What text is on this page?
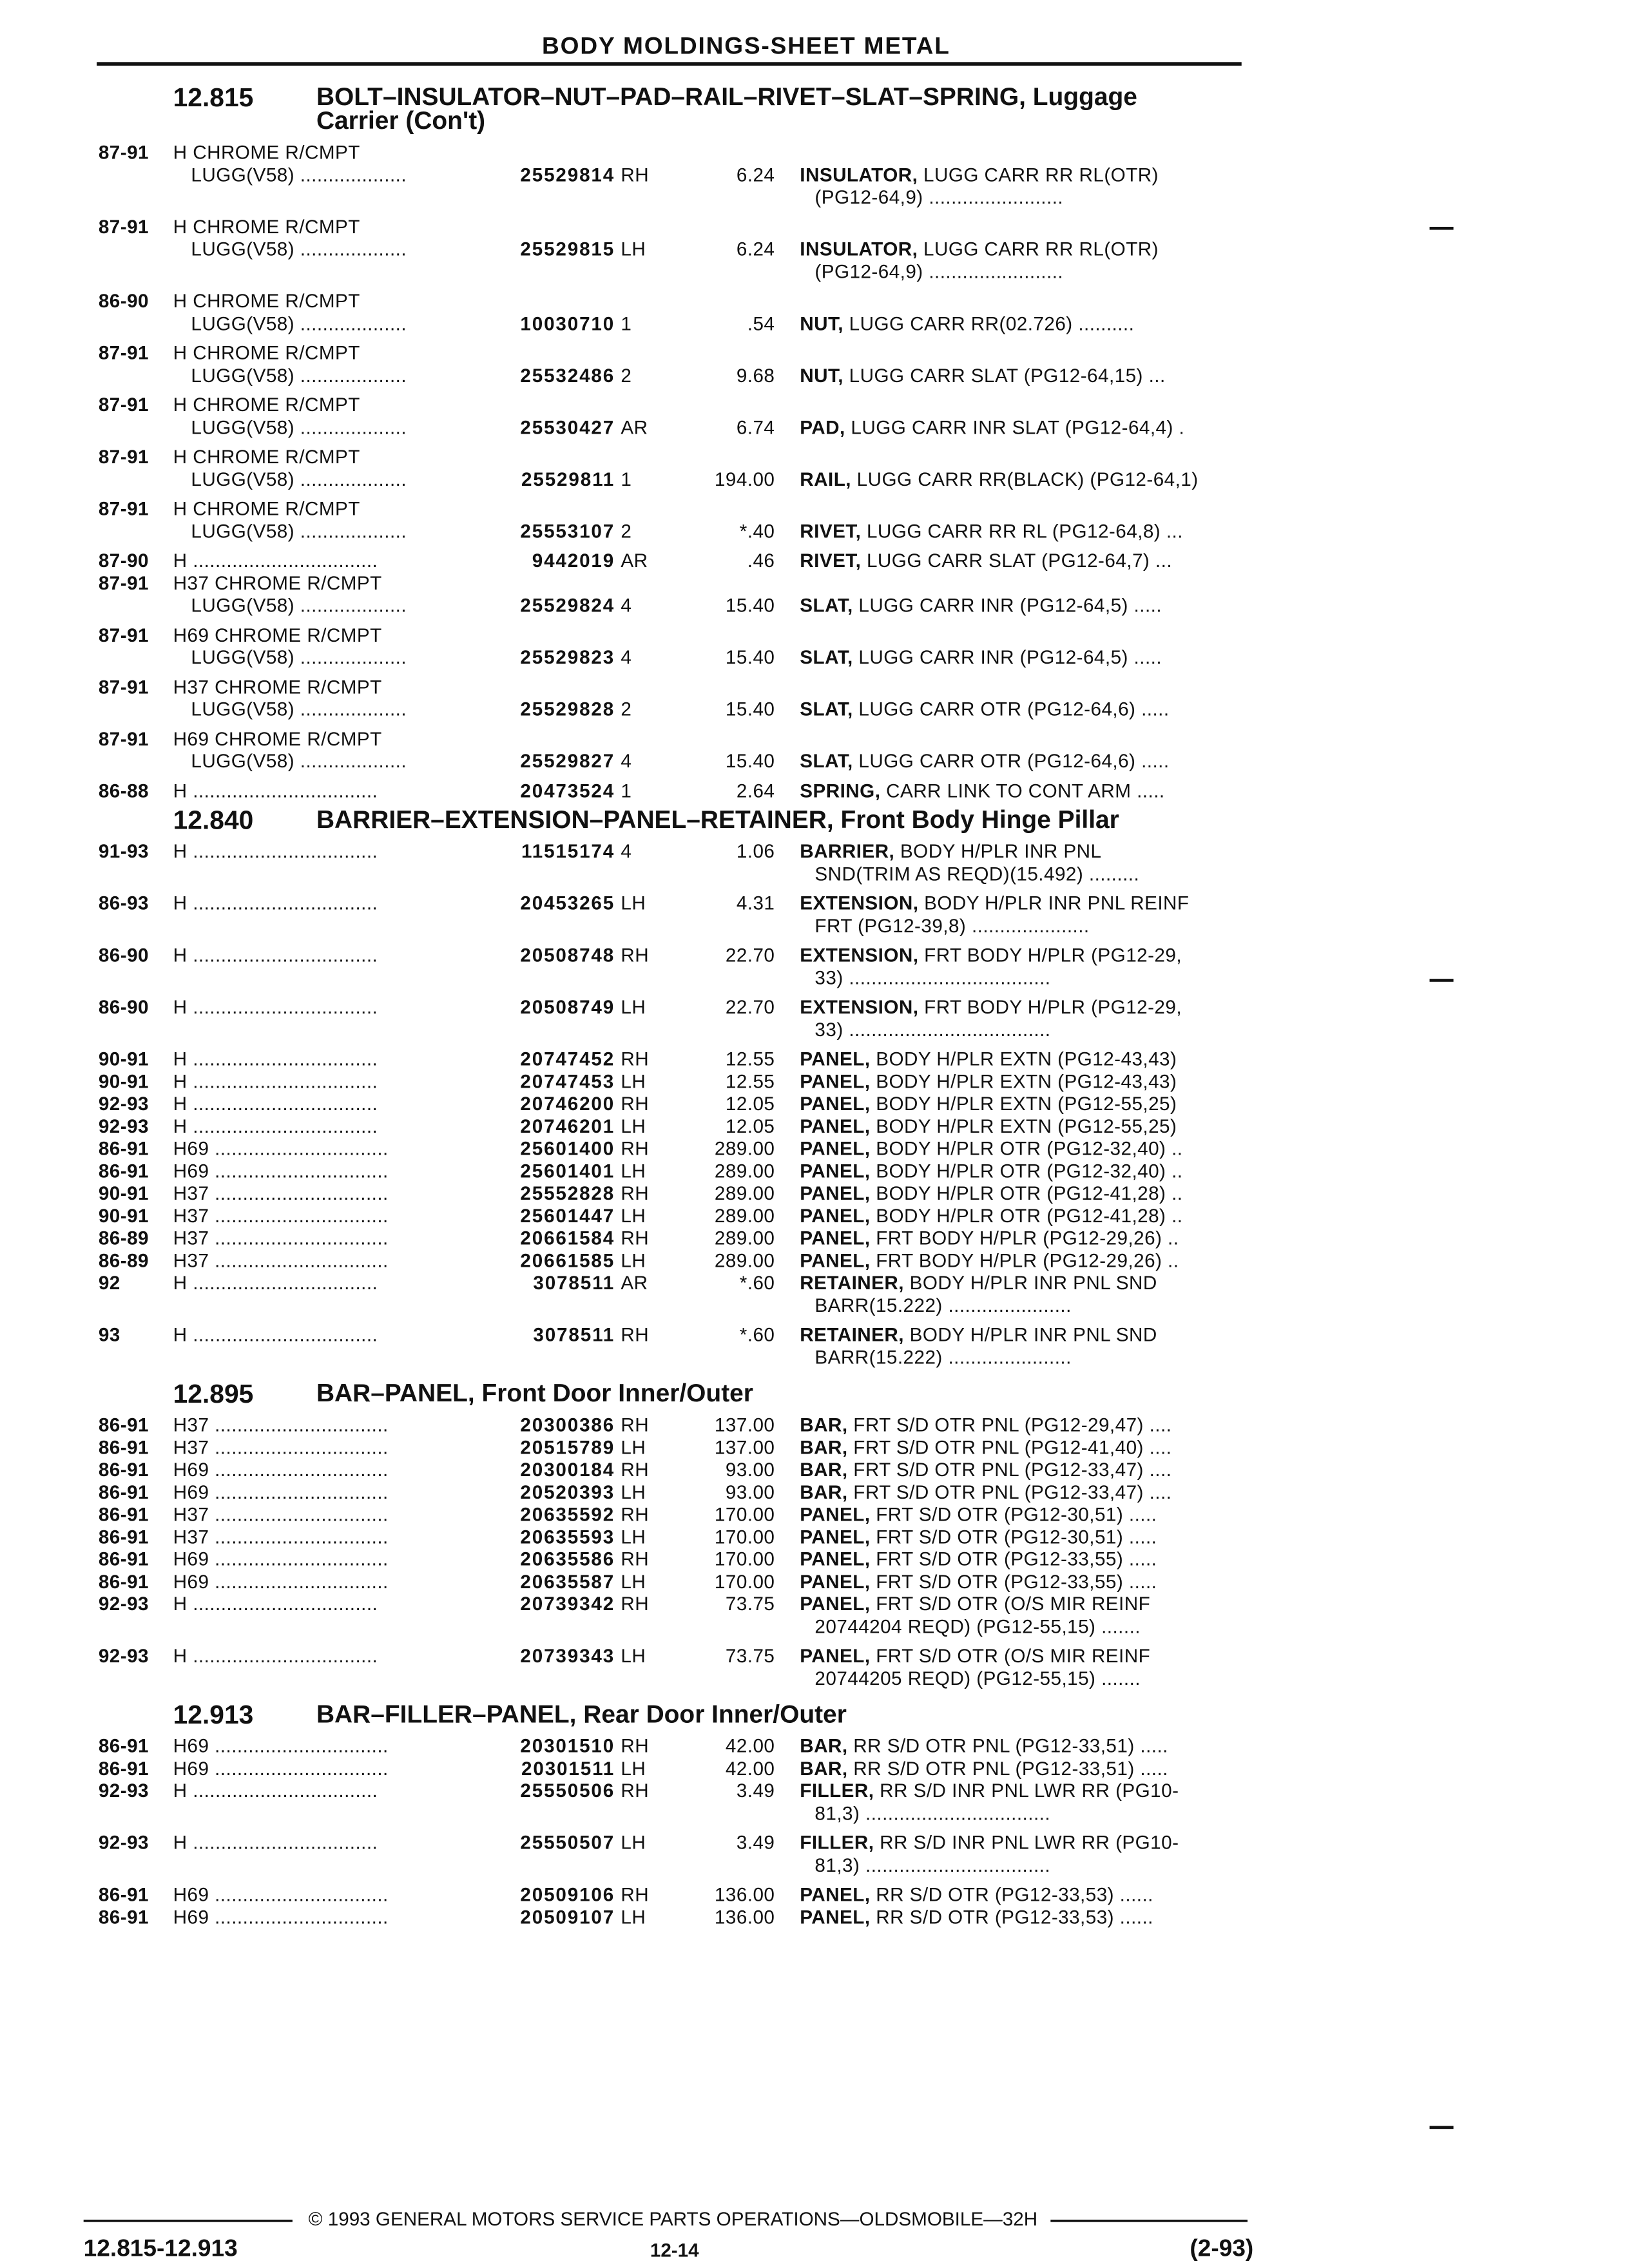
BODY MOLDINGS-SHEET METAL
12.815	BOLT–INSULATOR–NUT–PAD–RAIL–RIVET–SLAT–SPRING, Luggage
Carrier (Con't)
87-91	H CHROME R/CMPT
LUGG(V58) ...................	25529814 RH	6.24 INSULATOR, LUGG CARR RR RL(OTR)
(PG12-64,9) ........................
87-91	H CHROME R/CMPT
LUGG(V58) ...................	25529815 LH	6.24 INSULATOR, LUGG CARR RR RL(OTR)
(PG12-64,9) ........................
86-90	H CHROME R/CMPT
LUGG(V58) ...................	10030710 1	.54 NUT, LUGG CARR RR(02.726) ..........
87-91	H CHROME R/CMPT
LUGG(V58) ...................	25532486 2	9.68 NUT, LUGG CARR SLAT (PG12-64,15) ...
87-91	H CHROME R/CMPT
LUGG(V58) ...................	25530427 AR	6.74 PAD, LUGG CARR INR SLAT (PG12-64,4) .
87-91	H CHROME R/CMPT
LUGG(V58) ...................	25529811 1	194.00 RAIL, LUGG CARR RR(BLACK) (PG12-64,1)
87-91	H CHROME R/CMPT
LUGG(V58) ...................	25553107 2	*.40 RIVET, LUGG CARR RR RL (PG12-64,8) ...
87-90	H .................................	9442019 AR	.46 RIVET, LUGG CARR SLAT (PG12-64,7) ...
87-91	H37 CHROME R/CMPT
LUGG(V58) ...................	25529824 4	15.40 SLAT, LUGG CARR INR (PG12-64,5) .....
87-91	H69 CHROME R/CMPT
LUGG(V58) ...................	25529823 4	15.40 SLAT, LUGG CARR INR (PG12-64,5) .....
87-91	H37 CHROME R/CMPT
LUGG(V58) ...................	25529828 2	15.40 SLAT, LUGG CARR OTR (PG12-64,6) .....
87-91	H69 CHROME R/CMPT
LUGG(V58) ...................	25529827 4	15.40 SLAT, LUGG CARR OTR (PG12-64,6) .....
86-88	H .................................	20473524 1	2.64 SPRING, CARR LINK TO CONT ARM .....
12.840	BARRIER–EXTENSION–PANEL–RETAINER, Front Body Hinge Pillar
91-93	H .................................	11515174 4	1.06 BARRIER, BODY H/PLR INR PNL
SND(TRIM AS REQD)(15.492) .........
86-93	H .................................	20453265 LH	4.31 EXTENSION, BODY H/PLR INR PNL REINF
FRT (PG12-39,8) .....................
86-90	H .................................	20508748 RH	22.70 EXTENSION, FRT BODY H/PLR (PG12-29,
33) ....................................
86-90	H .................................	20508749 LH	22.70 EXTENSION, FRT BODY H/PLR (PG12-29,
33) ....................................
90-91	H .................................	20747452 RH	12.55 PANEL, BODY H/PLR EXTN (PG12-43,43)
90-91	H .................................	20747453 LH	12.55 PANEL, BODY H/PLR EXTN (PG12-43,43)
92-93	H .................................	20746200 RH	12.05 PANEL, BODY H/PLR EXTN (PG12-55,25)
92-93	H .................................	20746201 LH	12.05 PANEL, BODY H/PLR EXTN (PG12-55,25)
86-91	H69 ...............................	25601400 RH	289.00 PANEL, BODY H/PLR OTR (PG12-32,40) ..
86-91	H69 ...............................	25601401 LH	289.00 PANEL, BODY H/PLR OTR (PG12-32,40) ..
90-91	H37 ...............................	25552828 RH	289.00 PANEL, BODY H/PLR OTR (PG12-41,28) ..
90-91	H37 ...............................	25601447 LH	289.00 PANEL, BODY H/PLR OTR (PG12-41,28) ..
86-89	H37 ...............................	20661584 RH	289.00 PANEL, FRT BODY H/PLR (PG12-29,26) ..
86-89	H37 ...............................	20661585 LH	289.00 PANEL, FRT BODY H/PLR (PG12-29,26) ..
92	H .................................	3078511 AR	*.60 RETAINER, BODY H/PLR INR PNL SND
BARR(15.222) ......................
93	H .................................	3078511 RH	*.60 RETAINER, BODY H/PLR INR PNL SND
BARR(15.222) ......................
12.895	BAR–PANEL, Front Door Inner/Outer
86-91	H37 ...............................	20300386 RH	137.00 BAR, FRT S/D OTR PNL (PG12-29,47) ....
86-91	H37 ...............................	20515789 LH	137.00 BAR, FRT S/D OTR PNL (PG12-41,40) ....
86-91	H69 ...............................	20300184 RH	93.00 BAR, FRT S/D OTR PNL (PG12-33,47) ....
86-91	H69 ...............................	20520393 LH	93.00 BAR, FRT S/D OTR PNL (PG12-33,47) ....
86-91	H37 ...............................	20635592 RH	170.00 PANEL, FRT S/D OTR (PG12-30,51) .....
86-91	H37 ...............................	20635593 LH	170.00 PANEL, FRT S/D OTR (PG12-30,51) .....
86-91	H69 ...............................	20635586 RH	170.00 PANEL, FRT S/D OTR (PG12-33,55) .....
86-91	H69 ...............................	20635587 LH	170.00 PANEL, FRT S/D OTR (PG12-33,55) .....
92-93	H .................................	20739342 RH	73.75 PANEL, FRT S/D OTR (O/S MIR REINF
20744204 REQD) (PG12-55,15) .......
92-93	H .................................	20739343 LH	73.75 PANEL, FRT S/D OTR (O/S MIR REINF
20744205 REQD) (PG12-55,15) .......
12.913	BAR–FILLER–PANEL, Rear Door Inner/Outer
86-91	H69 ...............................	20301510 RH	42.00 BAR, RR S/D OTR PNL (PG12-33,51) .....
86-91	H69 ...............................	20301511 LH	42.00 BAR, RR S/D OTR PNL (PG12-33,51) .....
92-93	H .................................	25550506 RH	3.49 FILLER, RR S/D INR PNL LWR RR (PG10-
81,3) .................................
92-93	H .................................	25550507 LH	3.49 FILLER, RR S/D INR PNL LWR RR (PG10-
81,3) .................................
86-91	H69 ...............................	20509106 RH	136.00 PANEL, RR S/D OTR (PG12-33,53) ......
86-91	H69 ...............................	20509107 LH	136.00 PANEL, RR S/D OTR (PG12-33,53) ......
© 1993 GENERAL MOTORS SERVICE PARTS OPERATIONS—OLDSMOBILE—32H
12.815-12.913	12-14	(2-93)
